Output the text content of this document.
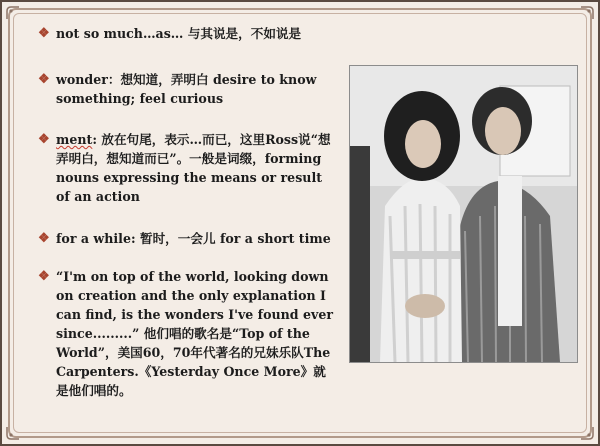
❖ not so much…as… 与其说是，不如说是
❖ wonder：想知道，弄明白 desire to know something; feel curious
❖ ment: 放在句尾，表示…而已，这里Ross说“想弄明白，想知道而已”。一般是词缀，forming nouns expressing the means or result of an action
❖ for a while: 暂时，一会儿 for a short time
❖ “I'm on top of the world, looking down on creation and the only explanation I can find, is the wonders I've found ever since.........” 他们唱的歌名是“Top of the World”，美国60，70年代著名的兄妹乐队The Carpenters.《Yesterday Once More》就是他们唱的。
